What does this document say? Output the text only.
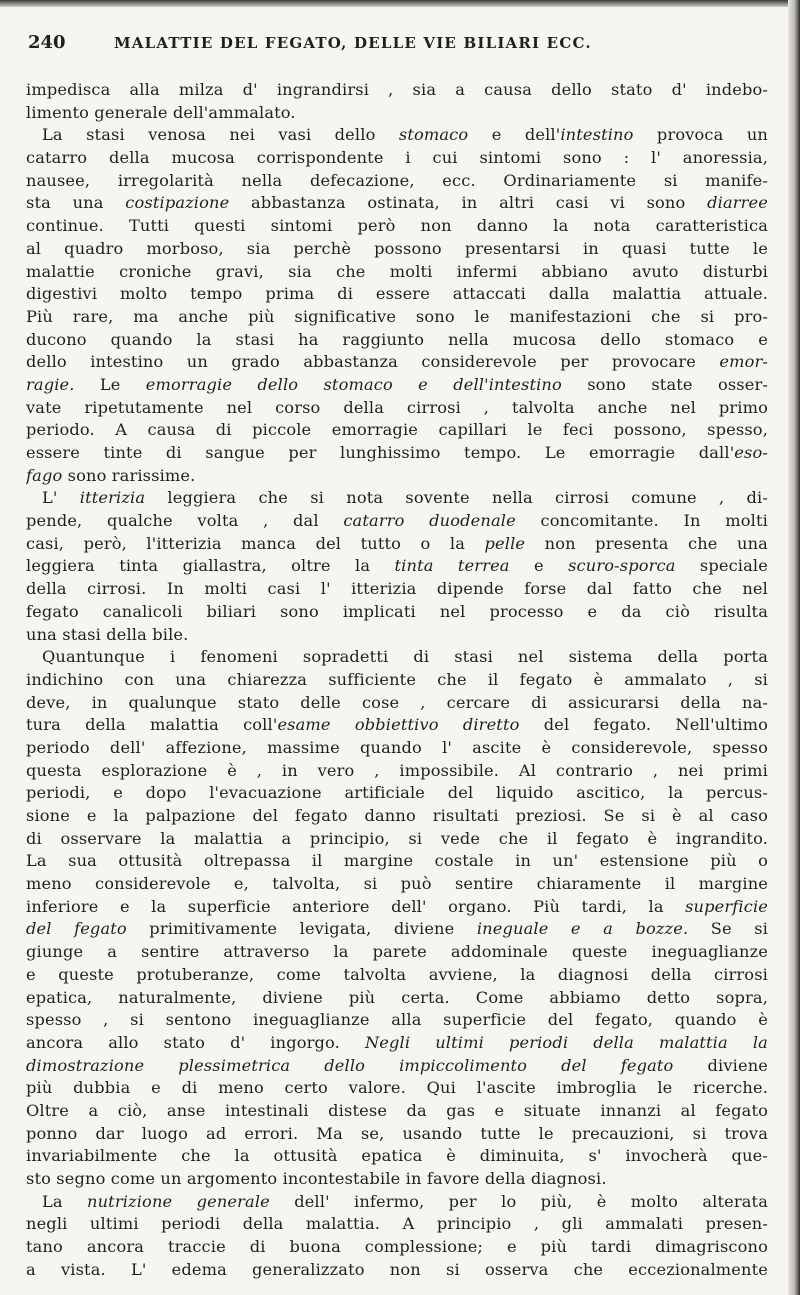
240	MALATTIE DEL FEGATO, DELLE VIE BILIARI ECC.
impedisca alla milza d' ingrandirsi , sia a causa dello stato d' indebo-
limento generale dell'ammalato.
La stasi venosa nei vasi dello stomaco e dell'intestino provoca un
catarro della mucosa corrispondente i cui sintomi sono : l' anoressia,
nausee, irregolarità nella defecazione, ecc. Ordinariamente si manife-
sta una costipazione abbastanza ostinata, in altri casi vi sono diarree
continue. Tutti questi sintomi però non danno la nota caratteristica
al quadro morboso, sia perchè possono presentarsi in quasi tutte le
malattie croniche gravi, sia che molti infermi abbiano avuto disturbi
digestivi molto tempo prima di essere attaccati dalla malattia attuale.
Più rare, ma anche più significative sono le manifestazioni che si pro-
ducono quando la stasi ha raggiunto nella mucosa dello stomaco e
dello intestino un grado abbastanza considerevole per provocare emor-
ragie. Le emorragie dello stomaco e dell'intestino sono state osser-
vate ripetutamente nel corso della cirrosi , talvolta anche nel primo
periodo. A causa di piccole emorragie capillari le feci possono, spesso,
essere tinte di sangue per lunghissimo tempo. Le emorragie dall'eso-
fago sono rarissime.
L' itterizia leggiera che si nota sovente nella cirrosi comune , di-
pende, qualche volta , dal catarro duodenale concomitante. In molti
casi, però, l'itterizia manca del tutto o la pelle non presenta che una
leggiera tinta giallastra, oltre la tinta terrea e scuro-sporca speciale
della cirrosi. In molti casi l' itterizia dipende forse dal fatto che nel
fegato canalicoli biliari sono implicati nel processo e da ciò risulta
una stasi della bile.
Quantunque i fenomeni sopradetti di stasi nel sistema della porta
indichino con una chiarezza sufficiente che il fegato è ammalato , si
deve, in qualunque stato delle cose , cercare di assicurarsi della na-
tura della malattia coll'esame obbiettivo diretto del fegato. Nell'ultimo
periodo dell' affezione, massime quando l' ascite è considerevole, spesso
questa esplorazione è , in vero , impossibile. Al contrario , nei primi
periodi, e dopo l'evacuazione artificiale del liquido ascitico, la percus-
sione e la palpazione del fegato danno risultati preziosi. Se si è al caso
di osservare la malattia a principio, si vede che il fegato è ingrandito.
La sua ottusità oltrepassa il margine costale in un' estensione più o
meno considerevole e, talvolta, si può sentire chiaramente il margine
inferiore e la superficie anteriore dell' organo. Più tardi, la superficie
del fegato primitivamente levigata, diviene ineguale e a bozze. Se si
giunge a sentire attraverso la parete addominale queste ineguaglianze
e queste protuberanze, come talvolta avviene, la diagnosi della cirrosi
epatica, naturalmente, diviene più certa. Come abbiamo detto sopra,
spesso , si sentono ineguaglianze alla superficie del fegato, quando è
ancora allo stato d' ingorgo. Negli ultimi periodi della malattia la
dimostrazione plessimetrica dello impiccolimento del fegato diviene
più dubbia e di meno certo valore. Qui l'ascite imbroglia le ricerche.
Oltre a ciò, anse intestinali distese da gas e situate innanzi al fegato
ponno dar luogo ad errori. Ma se, usando tutte le precauzioni, si trova
invariabilmente che la ottusità epatica è diminuita, s' invocherà que-
sto segno come un argomento incontestabile in favore della diagnosi.
La nutrizione generale dell' infermo, per lo più, è molto alterata
negli ultimi periodi della malattia. A principio , gli ammalati presen-
tano ancora traccie di buona complessione; e più tardi dimagriscono
a vista. L' edema generalizzato non si osserva che eccezionalmente
